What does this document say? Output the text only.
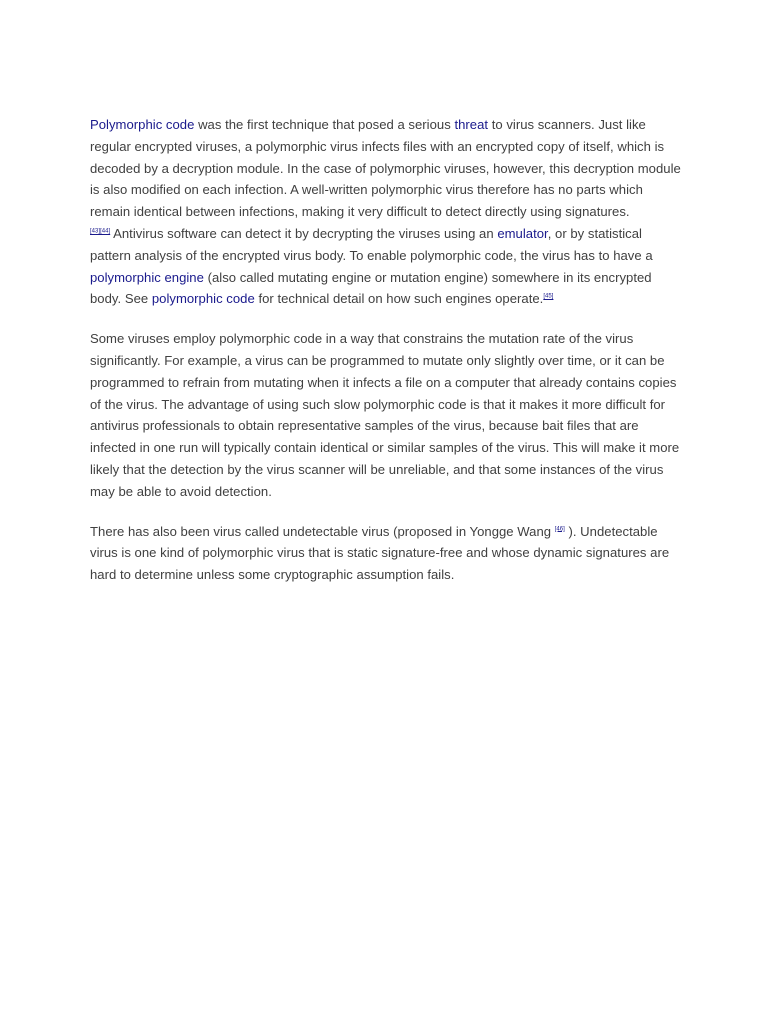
Polymorphic code was the first technique that posed a serious threat to virus scanners. Just like regular encrypted viruses, a polymorphic virus infects files with an encrypted copy of itself, which is decoded by a decryption module. In the case of polymorphic viruses, however, this decryption module is also modified on each infection. A well-written polymorphic virus therefore has no parts which remain identical between infections, making it very difficult to detect directly using signatures.
[43][44] Antivirus software can detect it by decrypting the viruses using an emulator, or by statistical pattern analysis of the encrypted virus body. To enable polymorphic code, the virus has to have a polymorphic engine (also called mutating engine or mutation engine) somewhere in its encrypted body. See polymorphic code for technical detail on how such engines operate.[45]

Some viruses employ polymorphic code in a way that constrains the mutation rate of the virus significantly. For example, a virus can be programmed to mutate only slightly over time, or it can be programmed to refrain from mutating when it infects a file on a computer that already contains copies of the virus. The advantage of using such slow polymorphic code is that it makes it more difficult for antivirus professionals to obtain representative samples of the virus, because bait files that are infected in one run will typically contain identical or similar samples of the virus. This will make it more likely that the detection by the virus scanner will be unreliable, and that some instances of the virus may be able to avoid detection.

There has also been virus called undetectable virus (proposed in Yongge Wang [46] ). Undetectable virus is one kind of polymorphic virus that is static signature-free and whose dynamic signatures are hard to determine unless some cryptographic assumption fails.
